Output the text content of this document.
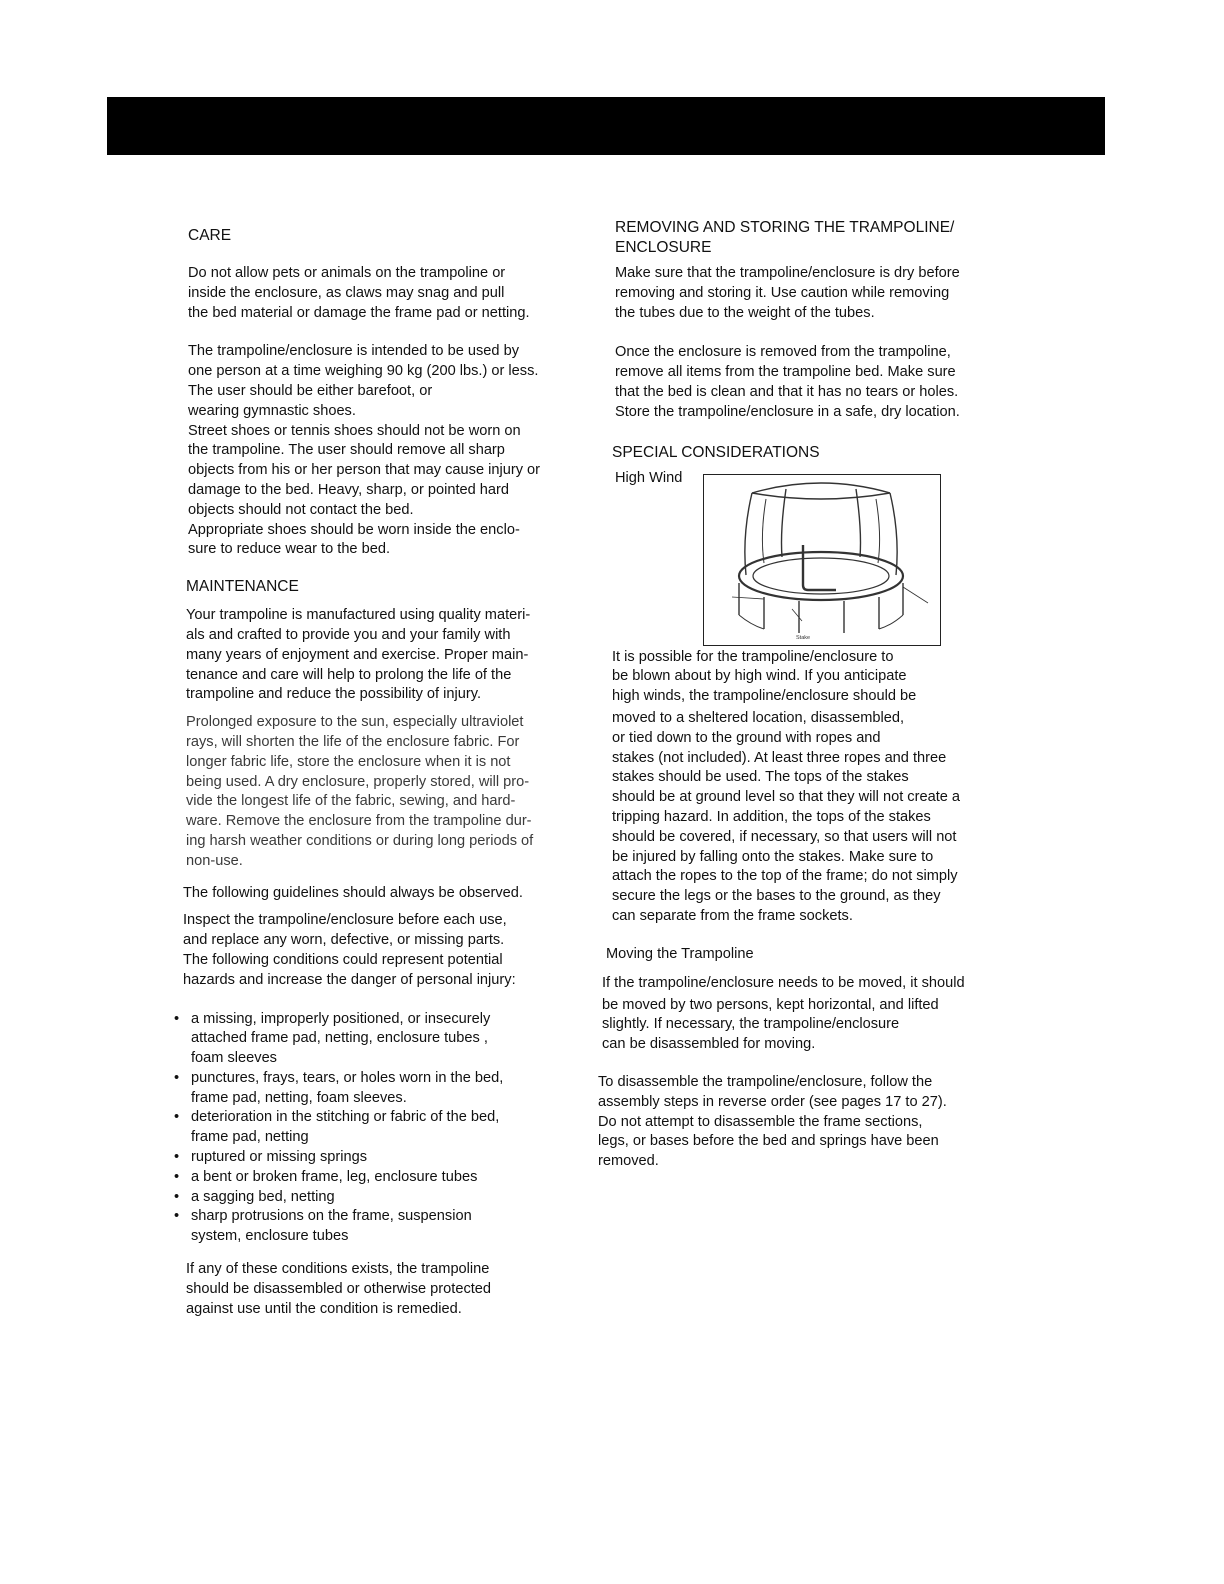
CARE

Do not allow pets or animals on the trampoline or
inside the enclosure, as claws may snag and pull
the bed material or damage the frame pad or netting.

The trampoline/enclosure is intended to be used by
one person at a time weighing 90 kg (200 lbs.) or less.
The user should be either barefoot, or
wearing gymnastic shoes.
Street shoes or tennis shoes should not be worn on
the trampoline. The user should remove all sharp
objects from his or her person that may cause injury or
damage to the bed. Heavy, sharp, or pointed hard
objects should not contact the bed.
Appropriate shoes should be worn inside the enclo-
sure to reduce wear to the bed.

MAINTENANCE

Your trampoline is manufactured using quality materi-
als and crafted to provide you and your family with
many years of enjoyment and exercise. Proper main-
tenance and care will help to prolong the life of the
trampoline and reduce the possibility of injury.

Prolonged exposure to the sun, especially ultraviolet
rays, will shorten the life of the enclosure fabric. For
longer fabric life, store the enclosure when it is not
being used. A dry enclosure, properly stored, will pro-
vide the longest life of the fabric, sewing, and hard-
ware. Remove the enclosure from the trampoline dur-
ing harsh weather conditions or during long periods of
non-use.

The following guidelines should always be observed.

Inspect the trampoline/enclosure before each use,
and replace any worn, defective, or missing parts.
The following conditions could represent potential
hazards and increase the danger of personal injury:

• a missing, improperly positioned, or insecurely
attached frame pad, netting, enclosure tubes ,
foam sleeves
• punctures, frays, tears, or holes worn in the bed,
frame pad, netting, foam sleeves.
• deterioration in the stitching or fabric of the bed,
frame pad, netting
• ruptured or missing springs
• a bent or broken frame, leg, enclosure tubes
• a sagging bed, netting
• sharp protrusions on the frame, suspension
system, enclosure tubes

If any of these conditions exists, the trampoline
should be disassembled or otherwise protected
against use until the condition is remedied.

REMOVING AND STORING THE TRAMPOLINE/
ENCLOSURE

Make sure that the trampoline/enclosure is dry before
removing and storing it. Use caution while removing
the tubes due to the weight of the tubes.

Once the enclosure is removed from the trampoline,
remove all items from the trampoline bed. Make sure
that the bed is clean and that it has no tears or holes.
Store the trampoline/enclosure in a safe, dry location.

SPECIAL CONSIDERATIONS
High Wind
Stake

It is possible for the trampoline/enclosure to
be blown about by high wind. If you anticipate
high winds, the trampoline/enclosure should be
moved to a sheltered location, disassembled,
or tied down to the ground with ropes and
stakes (not included). At least three ropes and three
stakes should be used. The tops of the stakes
should be at ground level so that they will not create a
tripping hazard. In addition, the tops of the stakes
should be covered, if necessary, so that users will not
be injured by falling onto the stakes. Make sure to
attach the ropes to the top of the frame; do not simply
secure the legs or the bases to the ground, as they
can separate from the frame sockets.

Moving the Trampoline

If the trampoline/enclosure needs to be moved, it should
be moved by two persons, kept horizontal, and lifted
slightly. If necessary, the trampoline/enclosure
can be disassembled for moving.

To disassemble the trampoline/enclosure, follow the
assembly steps in reverse order (see pages 17 to 27).
Do not attempt to disassemble the frame sections,
legs, or bases before the bed and springs have been
removed.
